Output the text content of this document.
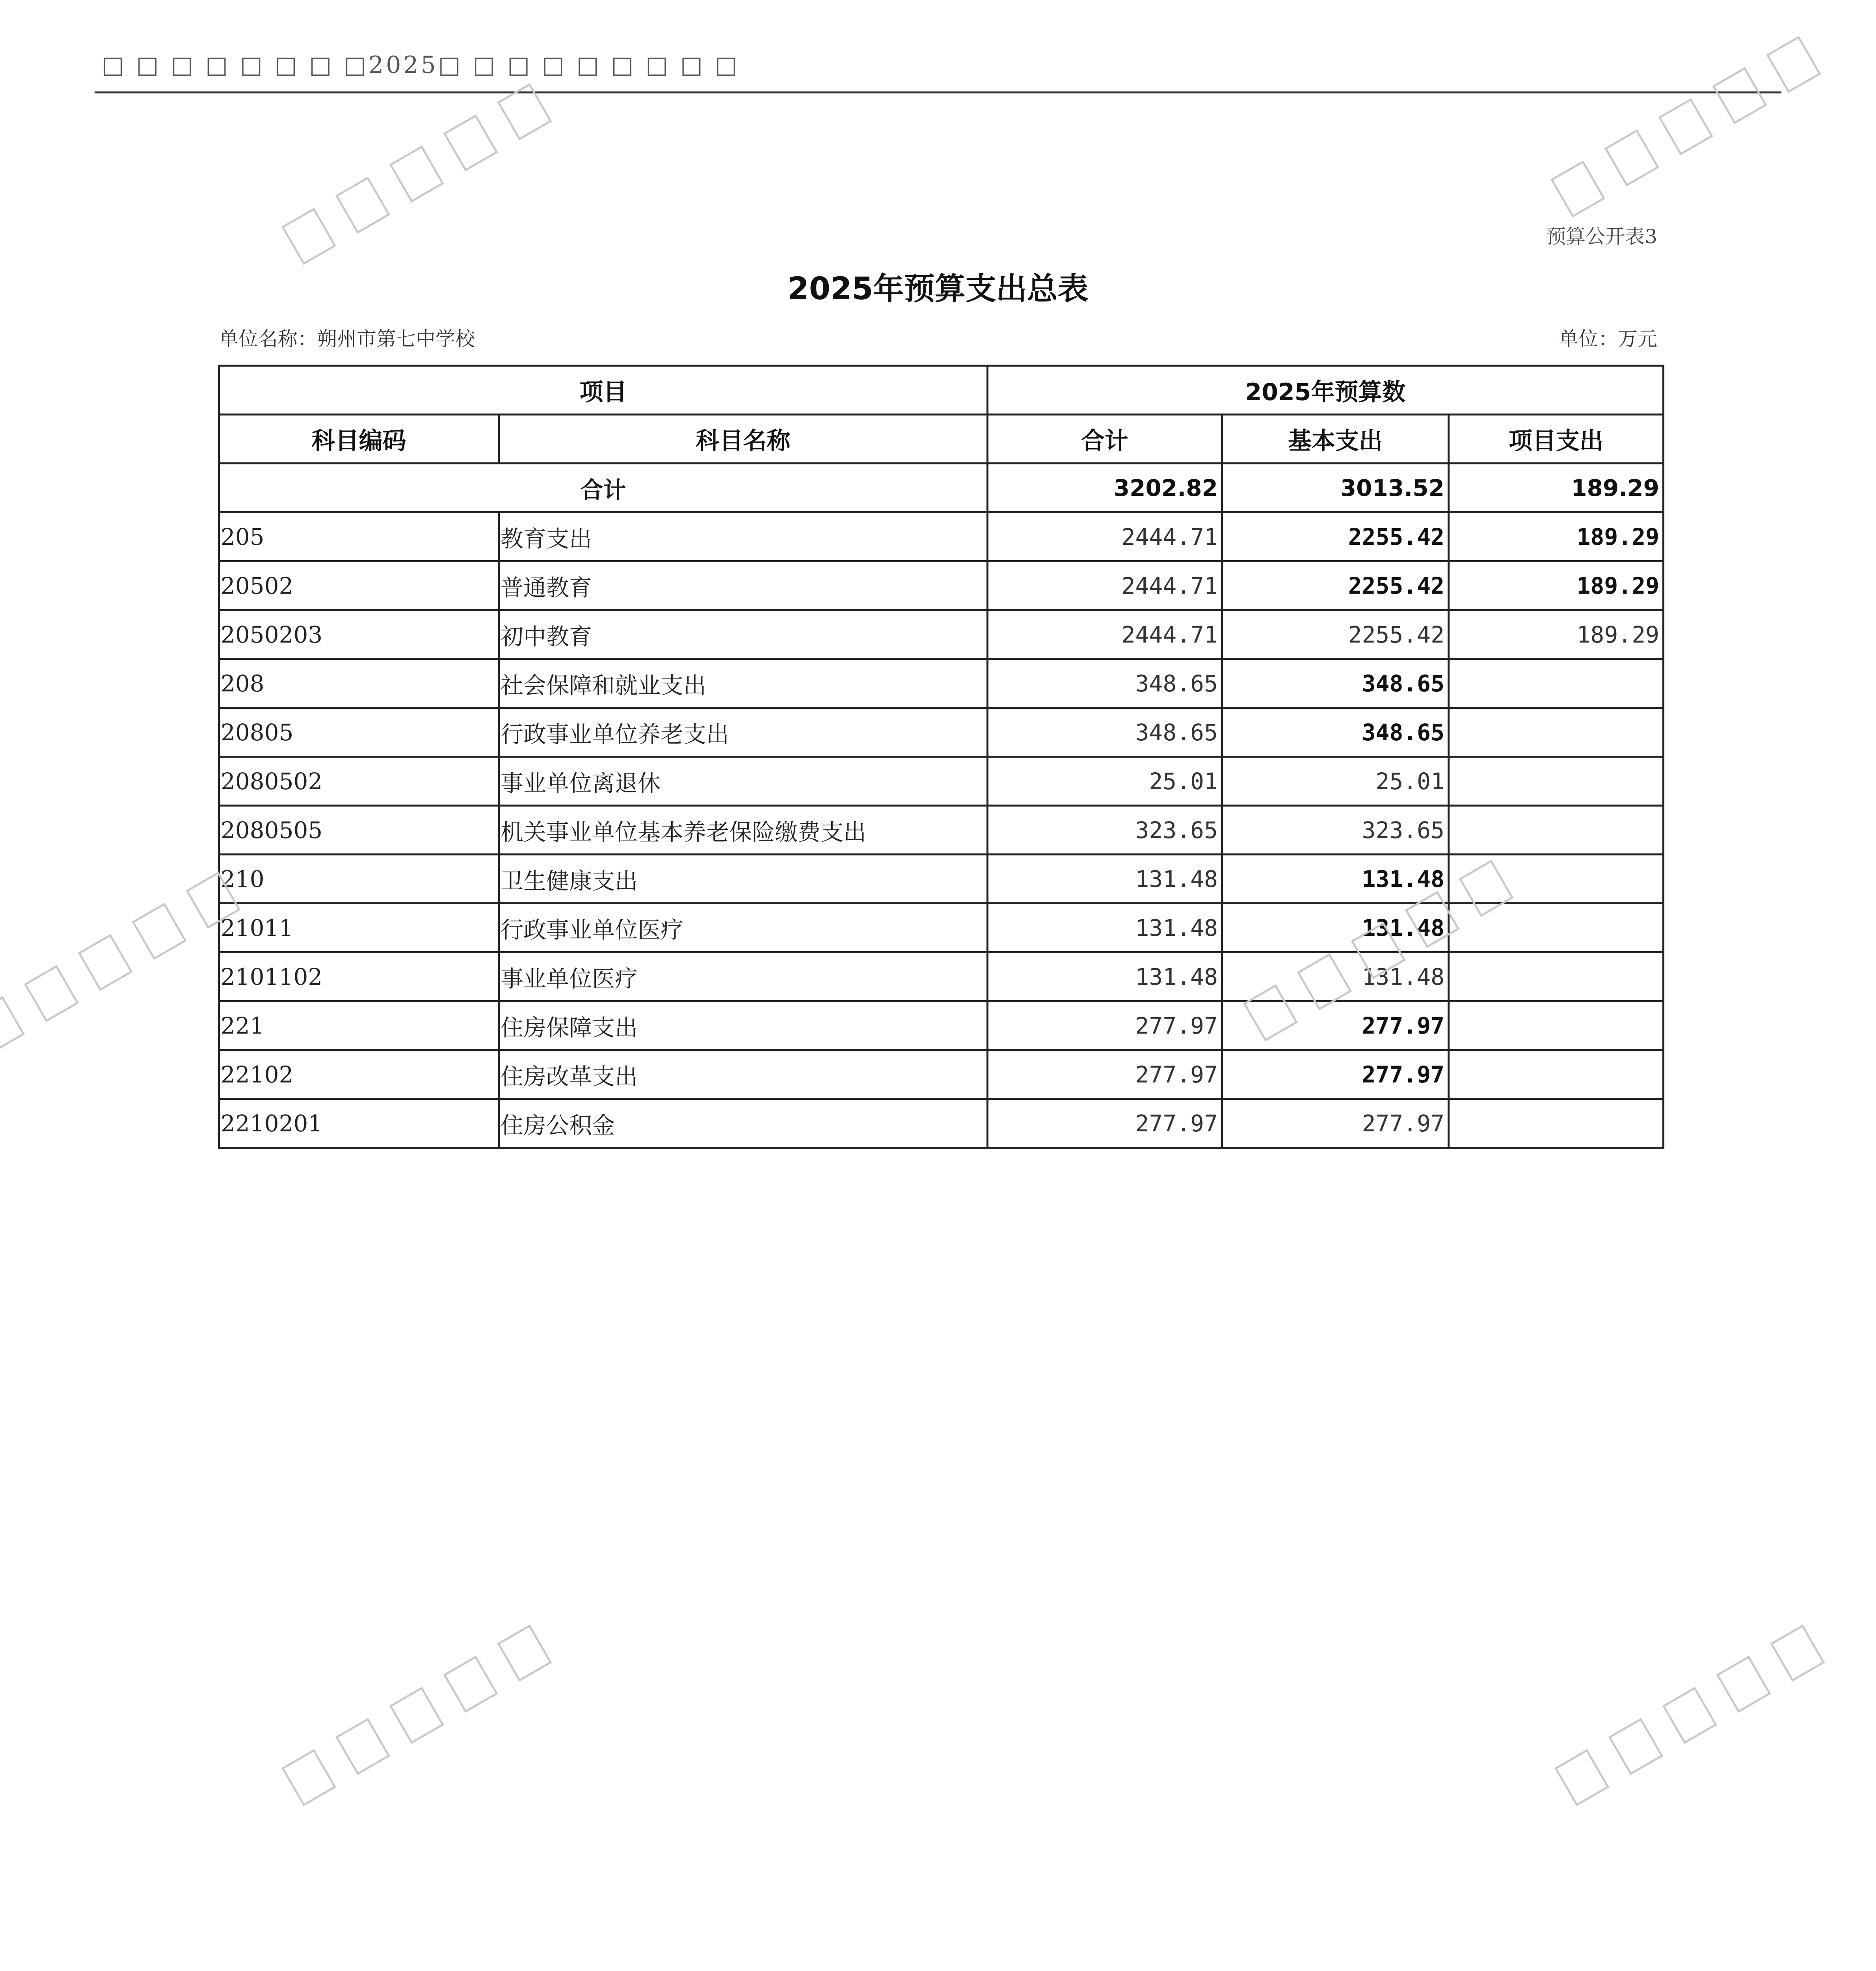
□ □ □ □ □ □ □ □2025□ □ □ □ □ □ □ □ □
预算公开表3
2025年预算支出总表
单位名称：朔州市第七中学校	单位：万元
项目		2025年预算数		
科目编码	科目名称	合计	基本支出	项目支出
合计		3202.82	3013.52	189.29
205	教育支出	2444.71	2255.42	189.29
20502	普通教育	2444.71	2255.42	189.29
2050203	初中教育	2444.71	2255.42	189.29
208	社会保障和就业支出	348.65	348.65	
20805	行政事业单位养老支出	348.65	348.65	
2080502	事业单位离退休	25.01	25.01	
2080505	机关事业单位基本养老保险缴费支出	323.65	323.65	
210	卫生健康支出	131.48	131.48	
21011	行政事业单位医疗	131.48	131.48	
2101102	事业单位医疗	131.48	131.48	
221	住房保障支出	277.97	277.97	
22102	住房改革支出	277.97	277.97	
2210201	住房公积金	277.97	277.97	
